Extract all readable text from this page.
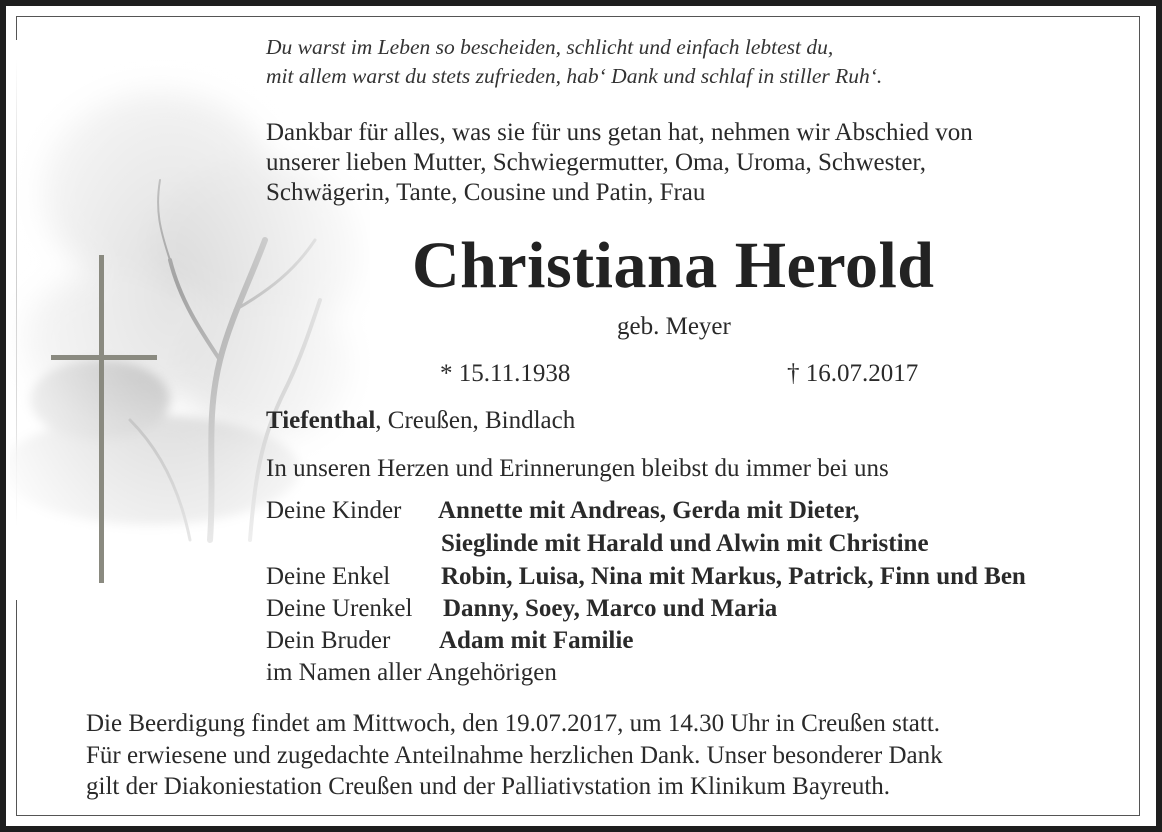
Du warst im Leben so bescheiden, schlicht und einfach lebtest du,
mit allem warst du stets zufrieden, hab‘ Dank und schlaf in stiller Ruh‘.
Dankbar für alles, was sie für uns getan hat, nehmen wir Abschied von
unserer lieben Mutter, Schwiegermutter, Oma, Uroma, Schwester,
Schwägerin, Tante, Cousine und Patin, Frau
Christiana Herold
geb. Meyer
* 15.11.1938	† 16.07.2017
Tiefenthal, Creußen, Bindlach
In unseren Herzen und Erinnerungen bleibst du immer bei uns
Deine Kinder Annette mit Andreas, Gerda mit Dieter,
Sieglinde mit Harald und Alwin mit Christine
Deine Enkel Robin, Luisa, Nina mit Markus, Patrick, Finn und Ben
Deine Urenkel Danny, Soey, Marco und Maria
Dein Bruder Adam mit Familie
im Namen aller Angehörigen
Die Beerdigung findet am Mittwoch, den 19.07.2017, um 14.30 Uhr in Creußen statt.
Für erwiesene und zugedachte Anteilnahme herzlichen Dank. Unser besonderer Dank
gilt der Diakoniestation Creußen und der Palliativstation im Klinikum Bayreuth.
